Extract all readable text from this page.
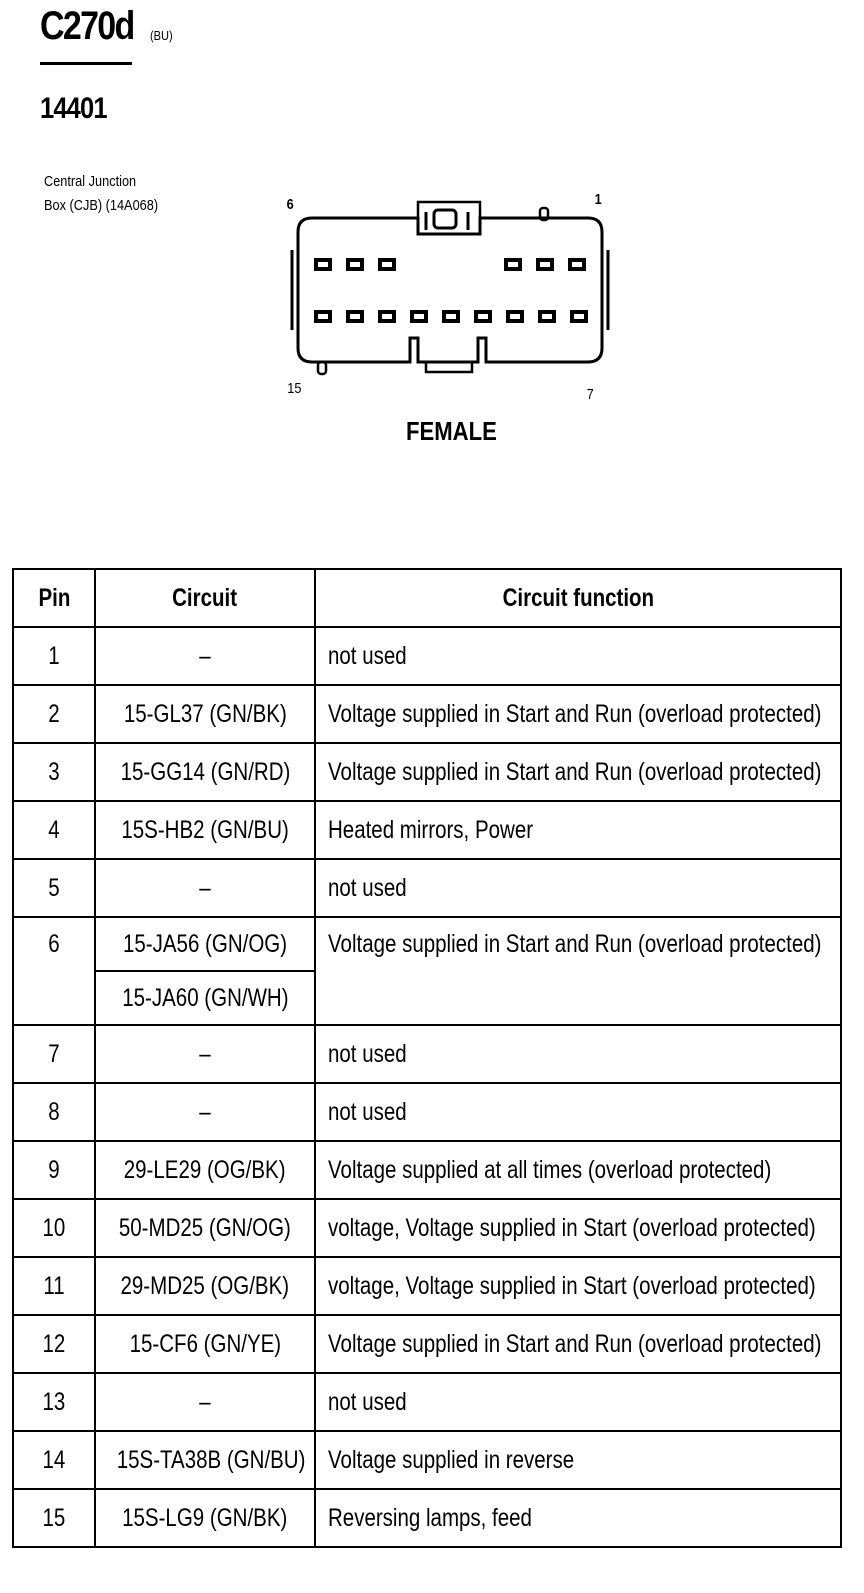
C270d (BU)
14401
Central Junction
Box (CJB) (14A068)	6	1
15	7
FEMALE
Pin	Circuit	Circuit function
1	–	not used
2	15-GL37 (GN/BK)	Voltage supplied in Start and Run (overload protected)
3	15-GG14 (GN/RD)	Voltage supplied in Start and Run (overload protected)
4	15S-HB2 (GN/BU)	Heated mirrors, Power
5	–	not used
6	15-JA56 (GN/OG)	Voltage supplied in Start and Run (overload protected)
	15-JA60 (GN/WH)	
7	–	not used
8	–	not used
9	29-LE29 (OG/BK)	Voltage supplied at all times (overload protected)
10	50-MD25 (GN/OG)	voltage, Voltage supplied in Start (overload protected)
11	29-MD25 (OG/BK)	voltage, Voltage supplied in Start (overload protected)
12	15-CF6 (GN/YE)	Voltage supplied in Start and Run (overload protected)
13	–	not used
14	15S-TA38B (GN/BU)	Voltage supplied in reverse
15	15S-LG9 (GN/BK)	Reversing lamps, feed
